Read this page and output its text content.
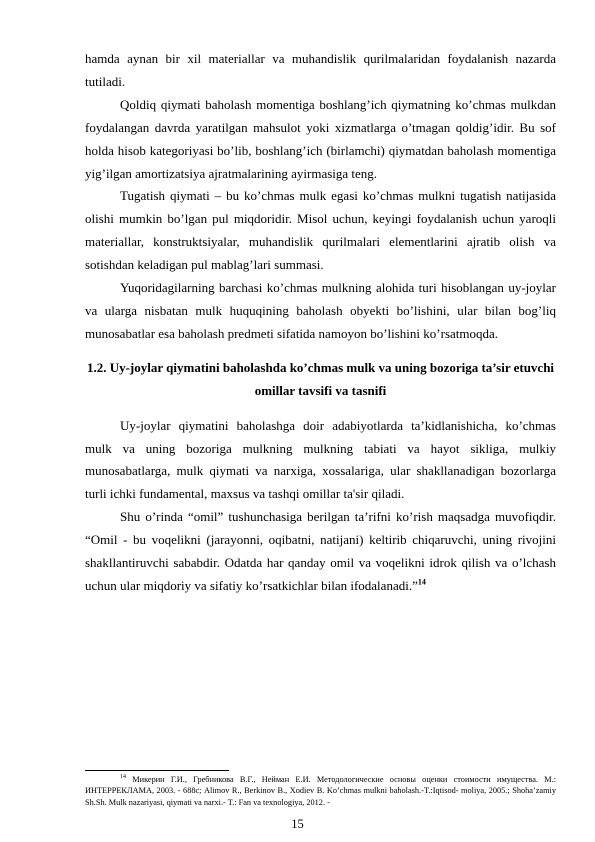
hamda aynan bir xil materiallar va muhandislik qurilmalaridan foydalanish nazarda tutiladi.

Qoldiq qiymati baholash momentiga boshlang’ich qiymatning ko’chmas mulkdan foydalangan davrda yaratilgan mahsulot yoki xizmatlarga o’tmagan qoldig’idir. Bu sof holda hisob kategoriyasi bo’lib, boshlang’ich (birlamchi) qiymatdan baholash momentiga yig’ilgan amortizatsiya ajratmalarining ayirmasiga teng.

Tugatish qiymati – bu ko’chmas mulk egasi ko’chmas mulkni tugatish natijasida olishi mumkin bo’lgan pul miqdoridir. Misol uchun, keyingi foydalanish uchun yaroqli materiallar, konstruktsiyalar, muhandislik qurilmalari elementlarini ajratib olish va sotishdan keladigan pul mablag’lari summasi.

Yuqoridagilarning barchasi ko’chmas mulkning alohida turi hisoblangan uy-joylar va ularga nisbatan mulk huquqining baholash obyekti bo’lishini, ular bilan bog’liq munosabatlar esa baholash predmeti sifatida namoyon bo’lishini ko’rsatmoqda.

1.2. Uy-joylar qiymatini baholashda ko’chmas mulk va uning bozoriga ta’sir etuvchi omillar tavsifi va tasnifi

Uy-joylar qiymatini baholashga doir adabiyotlarda ta’kidlanishicha, ko’chmas mulk va uning bozoriga mulkning mulkning tabiati va hayot sikliga, mulkiy munosabatlarga, mulk qiymati va narxiga, xossalariga, ular shakllanadigan bozorlarga turli ichki fundamental, maxsus va tashqi omillar ta'sir qiladi.

Shu o’rinda “omil” tushunchasiga berilgan ta’rifni ko’rish maqsadga muvofiqdir. “Omil - bu voqelikni (jarayonni, oqibatni, natijani) keltirib chiqaruvchi, uning rivojini shakllantiruvchi sababdir. Odatda har qanday omil va voqelikni idrok qilish va o’lchash uchun ular miqdoriy va sifatiy ko’rsatkichlar bilan ifodalanadi.”$^{14}$

$^{14}$ Микерин Г.И., Гребникова В.Г., Нейман Е.И. Методологические основы оценки стоимости имущества. М.: ИНТЕРРЕКЛАМА, 2003. - 688с; Alimov R., Berkinov B., Xodiev B. Ko’chmas mulkni baholash.-T.:Iqtisod- moliya, 2005.; Shoha’zamiy Sh.Sh. Mulk nazariyasi, qiymati va narxi.- T.: Fan va texnologiya, 2012. -
15
